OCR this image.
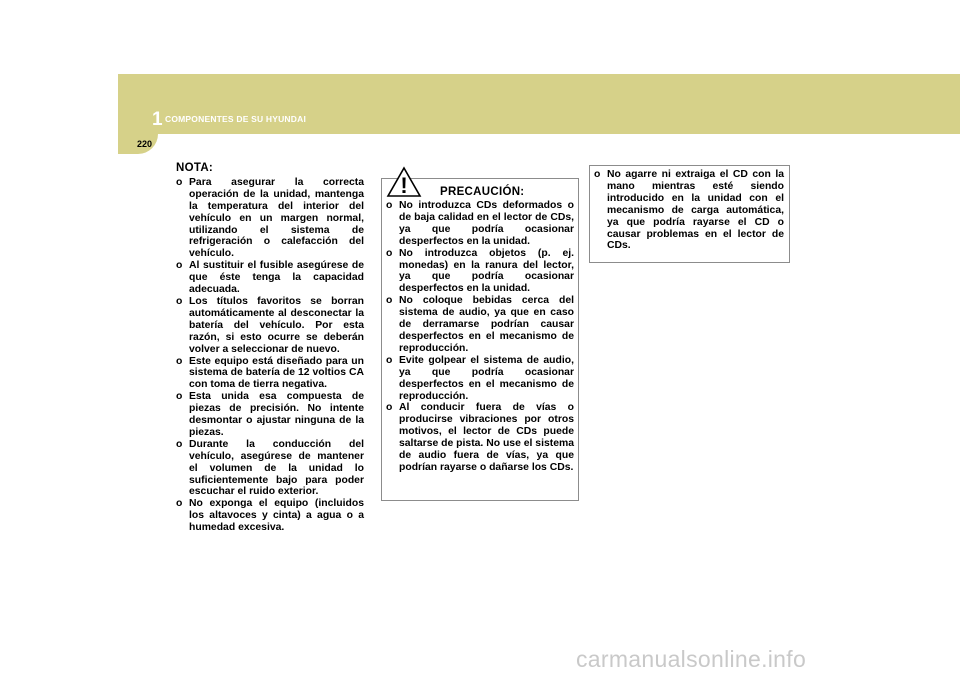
1 COMPONENTES DE SU HYUNDAI
220
NOTA:
o Para asegurar la correcta operación de la unidad, mantenga la temperatura del interior del vehículo en un margen normal, utilizando el sistema de refrigeración o calefacción del vehículo.
o Al sustituir el fusible asegúrese de que éste tenga la capacidad adecuada.
o Los títulos favoritos se borran automáticamente al desconectar la batería del vehículo. Por esta razón, si esto ocurre se deberán volver a seleccionar de nuevo.
o Este equipo está diseñado para un sistema de batería de 12 voltios CA con toma de tierra negativa.
o Esta unida esa compuesta de piezas de precisión. No intente desmontar o ajustar ninguna de la piezas.
o Durante la conducción del vehículo, asegúrese de mantener el volumen de la unidad lo suficientemente bajo para poder escuchar el ruido exterior.
o No exponga el equipo (incluidos los altavoces y cinta) a agua o a humedad excesiva.
!	PRECAUCIÓN:
o No introduzca CDs deformados o de baja calidad en el lector de CDs, ya que podría ocasionar desperfectos en la unidad.
o No introduzca objetos (p. ej. monedas) en la ranura del lector, ya que podría ocasionar desperfectos en la unidad.
o No coloque bebidas cerca del sistema de audio, ya que en caso de derramarse podrían causar desperfectos en el mecanismo de reproducción.
o Evite golpear el sistema de audio, ya que podría ocasionar desperfectos en el mecanismo de reproducción.
o Al conducir fuera de vías o producirse vibraciones por otros motivos, el lector de CDs puede saltarse de pista. No use el sistema de audio fuera de vías, ya que podrían rayarse o dañarse los CDs.
o No agarre ni extraiga el CD con la mano mientras esté siendo introducido en la unidad con el mecanismo de carga automática, ya que podría rayarse el CD o causar problemas en el lector de CDs.
carmanualsonline.info
